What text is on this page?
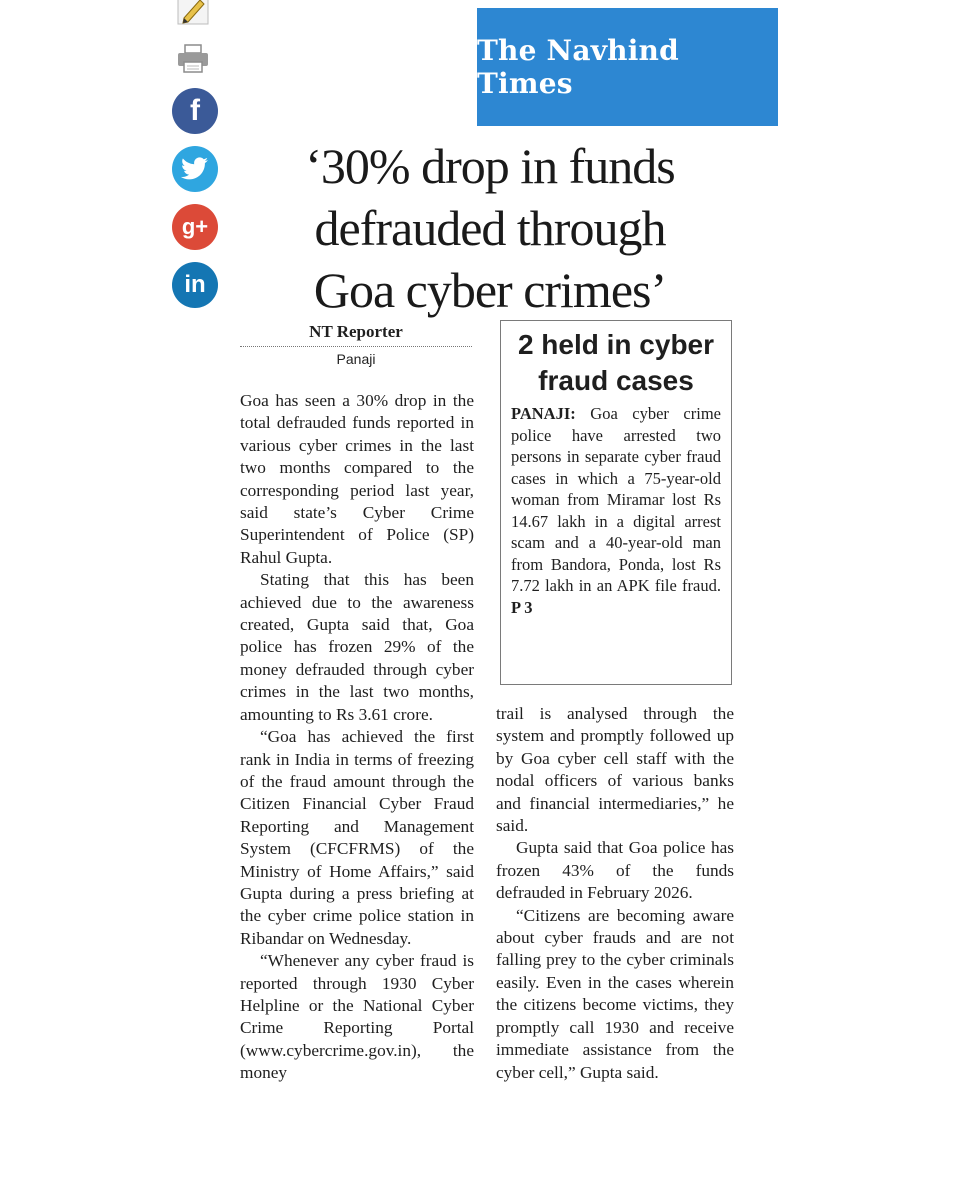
f
g+
in
The Navhind Times
‘30% drop in funds
defrauded through
Goa cyber crimes’
NT Reporter
Panaji	2 held in cyber fraud cases
PANAJI: Goa cyber crime police have arrested two persons in separate cyber fraud cases in which a 75-year-old woman from Miramar lost Rs 14.67 lakh in a digital arrest scam and a 40-year-old man from Bandora, Ponda, lost Rs 7.72 lakh in an APK file fraud. P 3

Goa has seen a 30% drop in the total defrauded funds reported in various cyber crimes in the last two months compared to the corresponding period last year, said state’s Cyber Crime Superintendent of Police (SP) Rahul Gupta.

Stating that this has been achieved due to the awareness created, Gupta said that, Goa police has frozen 29% of the money defrauded through cyber crimes in the last two months, amounting to Rs 3.61 crore.

“Goa has achieved the first rank in India in terms of freezing of the fraud amount through the Citizen Financial Cyber Fraud Reporting and Management System (CFCFRMS) of the Ministry of Home Affairs,” said Gupta during a press briefing at the cyber crime police station in Ribandar on Wednesday.

“Whenever any cyber fraud is reported through 1930 Cyber Helpline or the National Cyber Crime Reporting Portal (www.cybercrime.gov.in), the money

trail is analysed through the system and promptly followed up by Goa cyber cell staff with the nodal officers of various banks and financial intermediaries,” he said.

Gupta said that Goa police has frozen 43% of the funds defrauded in February 2026.

“Citizens are becoming aware about cyber frauds and are not falling prey to the cyber criminals easily. Even in the cases wherein the citizens become victims, they promptly call 1930 and receive immediate assistance from the cyber cell,” Gupta said.
